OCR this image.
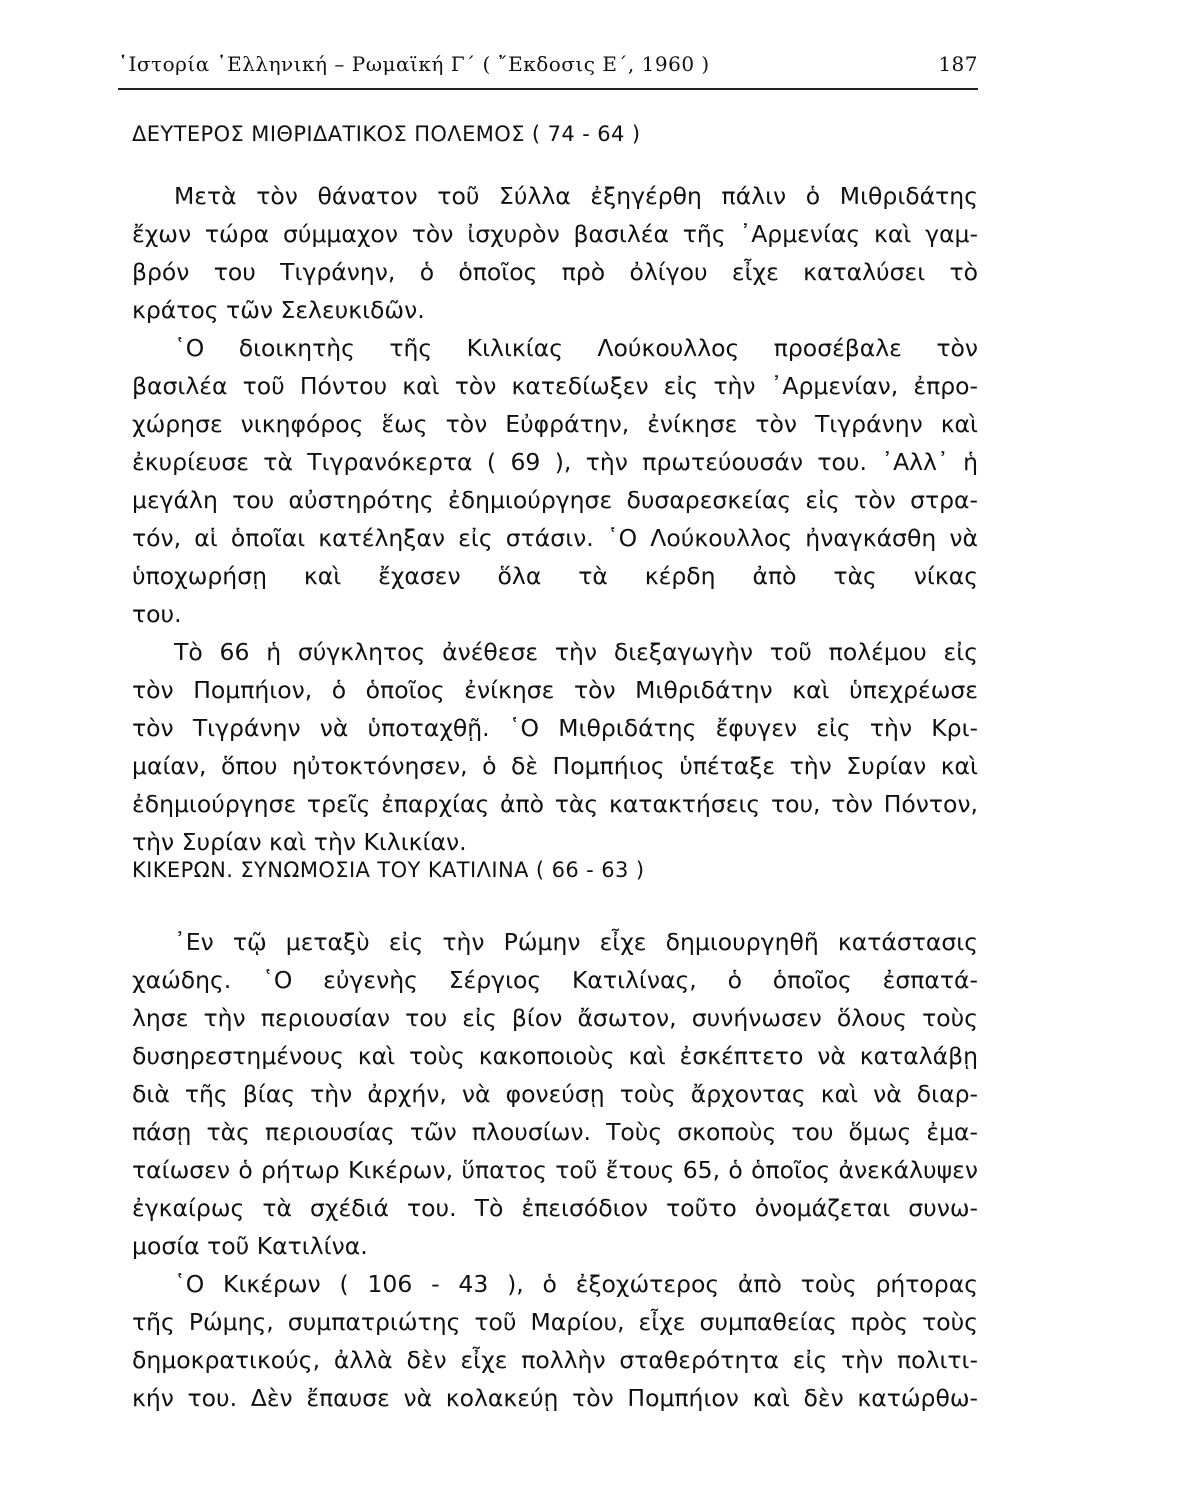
῾Ιστορία ῾Ελληνική – Ρωμαϊκή Γ΄ ( ῎Εκδοσις Ε΄, 1960 )	187
ΔΕΥΤΕΡΟΣ ΜΙΘΡΙΔΑΤΙΚΟΣ ΠΟΛΕΜΟΣ ( 74 - 64 )
Μετὰ τὸν θάνατον τοῦ Σύλλα ἐξηγέρθη πάλιν ὁ Μιθριδάτης
ἔχων τώρα σύμμαχον τὸν ἰσχυρὸν βασιλέα τῆς ᾿Αρμενίας καὶ γαμ-
βρόν του Τιγράνην, ὁ ὁποῖος πρὸ ὀλίγου εἶχε καταλύσει τὸ
κράτος τῶν Σελευκιδῶν.
῾Ο διοικητὴς τῆς Κιλικίας Λούκουλλος προσέβαλε τὸν
βασιλέα τοῦ Πόντου καὶ τὸν κατεδίωξεν εἰς τὴν ᾿Αρμενίαν, ἐπρο-
χώρησε νικηφόρος ἕως τὸν Εὐφράτην, ἐνίκησε τὸν Τιγράνην καὶ
ἐκυρίευσε τὰ Τιγρανόκερτα ( 69 ), τὴν πρωτεύουσάν του. ᾿Αλλ᾿ ἡ
μεγάλη του αὐστηρότης ἐδημιούργησε δυσαρεσκείας εἰς τὸν στρα-
τόν, αἱ ὁποῖαι κατέληξαν εἰς στάσιν. ῾Ο Λούκουλλος ἠναγκάσθη νὰ
ὑποχωρήσῃ καὶ ἔχασεν ὅλα τὰ κέρδη ἀπὸ τὰς νίκας
του.
Τὸ 66 ἡ σύγκλητος ἀνέθεσε τὴν διεξαγωγὴν τοῦ πολέμου εἰς
τὸν Πομπήιον, ὁ ὁποῖος ἐνίκησε τὸν Μιθριδάτην καὶ ὑπεχρέωσε
τὸν Τιγράνην νὰ ὑποταχθῇ. ῾Ο Μιθριδάτης ἔφυγεν εἰς τὴν Κρι-
μαίαν, ὅπου ηὐτοκτόνησεν, ὁ δὲ Πομπήιος ὑπέταξε τὴν Συρίαν καὶ
ἐδημιούργησε τρεῖς ἐπαρχίας ἀπὸ τὰς κατακτήσεις του, τὸν Πόντον,
τὴν Συρίαν καὶ τὴν Κιλικίαν.
ΚΙΚΕΡΩΝ. ΣΥΝΩΜΟΣΙΑ ΤΟΥ ΚΑΤΙΛΙΝΑ ( 66 - 63 )
᾿Εν τῷ μεταξὺ εἰς τὴν Ρώμην εἶχε δημιουργηθῆ κατάστασις
χαώδης. ῾Ο εὐγενὴς Σέργιος Κατιλίνας, ὁ ὁποῖος ἐσπατά-
λησε τὴν περιουσίαν του εἰς βίον ἄσωτον, συνήνωσεν ὅλους τοὺς
δυσηρεστημένους καὶ τοὺς κακοποιοὺς καὶ ἐσκέπτετο νὰ καταλάβῃ
διὰ τῆς βίας τὴν ἀρχήν, νὰ φονεύσῃ τοὺς ἄρχοντας καὶ νὰ διαρ-
πάσῃ τὰς περιουσίας τῶν πλουσίων. Τοὺς σκοποὺς του ὅμως ἐμα-
ταίωσεν ὁ ρήτωρ Κικέρων, ὕπατος τοῦ ἔτους 65, ὁ ὁποῖος ἀνεκάλυψεν
ἐγκαίρως τὰ σχέδιά του. Τὸ ἐπεισόδιον τοῦτο ὀνομάζεται συνω-
μοσία τοῦ Κατιλίνα.
῾Ο Κικέρων ( 106 - 43 ), ὁ ἐξοχώτερος ἀπὸ τοὺς ρήτορας
τῆς Ρώμης, συμπατριώτης τοῦ Μαρίου, εἶχε συμπαθείας πρὸς τοὺς
δημοκρατικούς, ἀλλὰ δὲν εἶχε πολλὴν σταθερότητα εἰς τὴν πολιτι-
κήν του. Δὲν ἔπαυσε νὰ κολακεύῃ τὸν Πομπήιον καὶ δὲν κατώρθω-
